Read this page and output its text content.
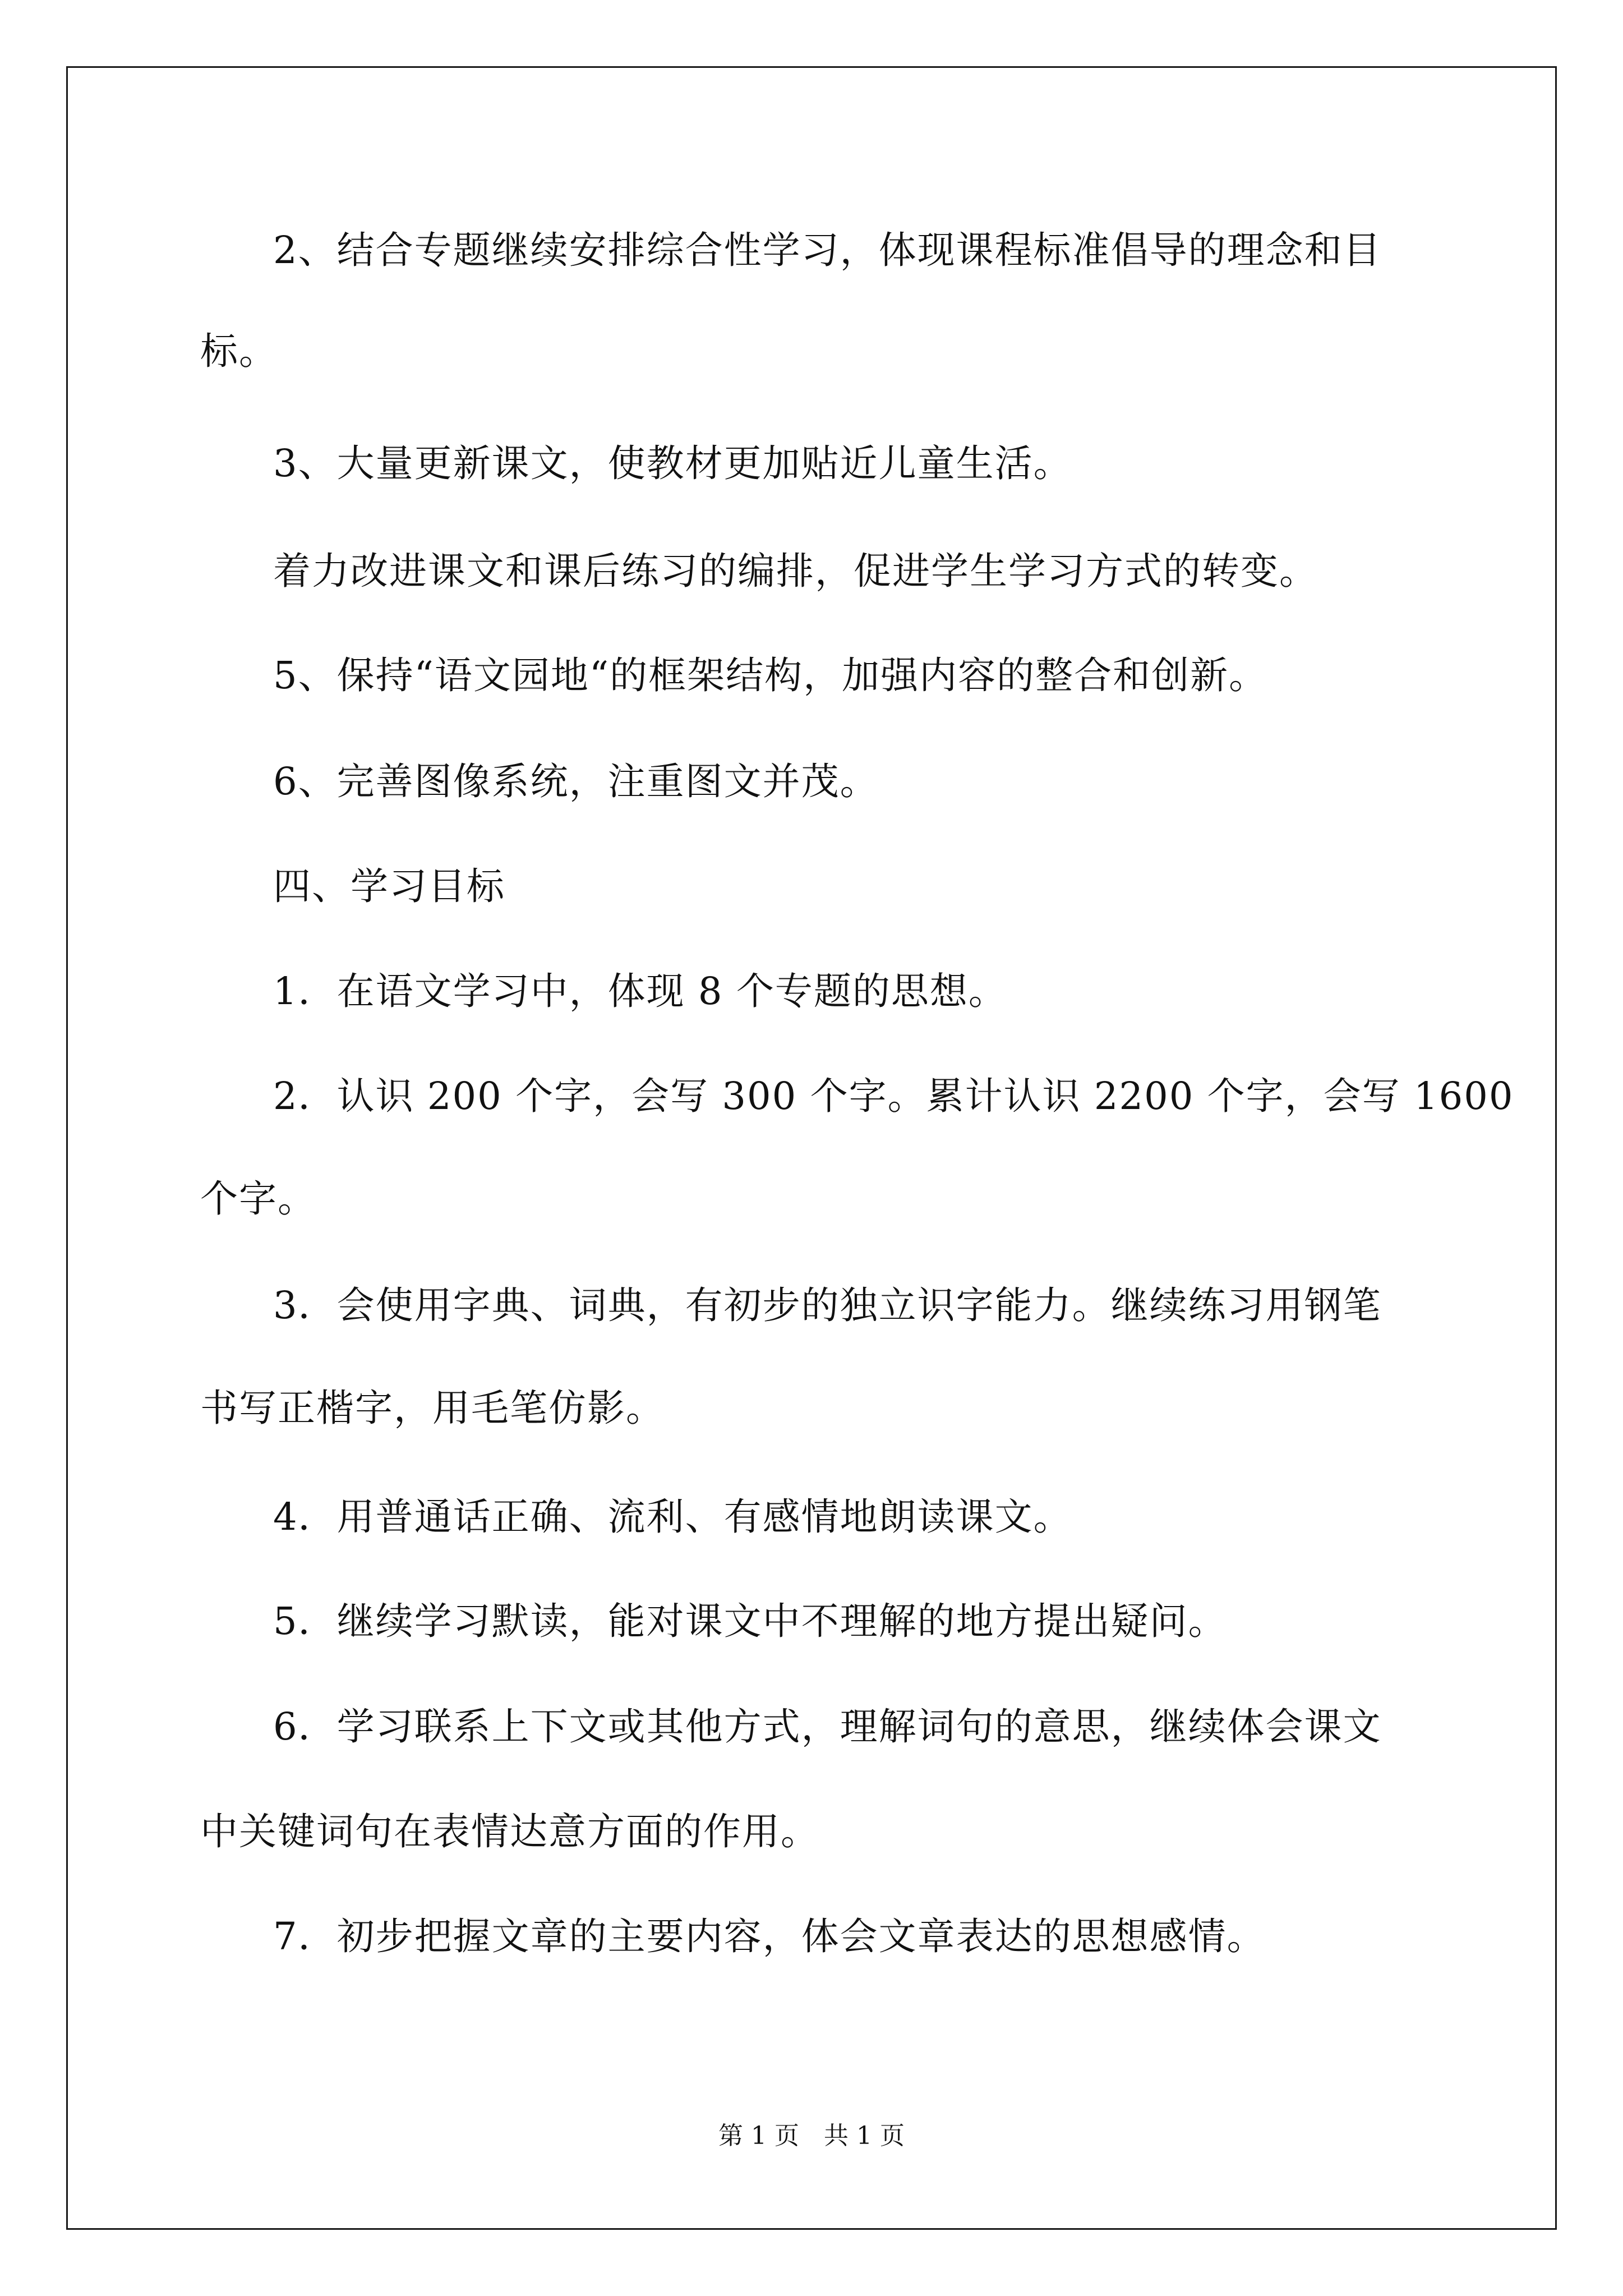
2、结合专题继续安排综合性学习，体现课程标准倡导的理念和目
标。
3、大量更新课文，使教材更加贴近儿童生活。
着力改进课文和课后练习的编排，促进学生学习方式的转变。
5、保持“语文园地“的框架结构，加强内容的整合和创新。
6、完善图像系统，注重图文并茂。
四、学习目标
1．在语文学习中，体现 8 个专题的思想。
2．认识 200 个字，会写 300 个字。累计认识 2200 个字，会写 1600
个字。
3．会使用字典、词典，有初步的独立识字能力。继续练习用钢笔
书写正楷字，用毛笔仿影。
4．用普通话正确、流利、有感情地朗读课文。
5．继续学习默读，能对课文中不理解的地方提出疑问。
6．学习联系上下文或其他方式，理解词句的意思，继续体会课文
中关键词句在表情达意方面的作用。
7．初步把握文章的主要内容，体会文章表达的思想感情。
第 1 页　共 1 页
